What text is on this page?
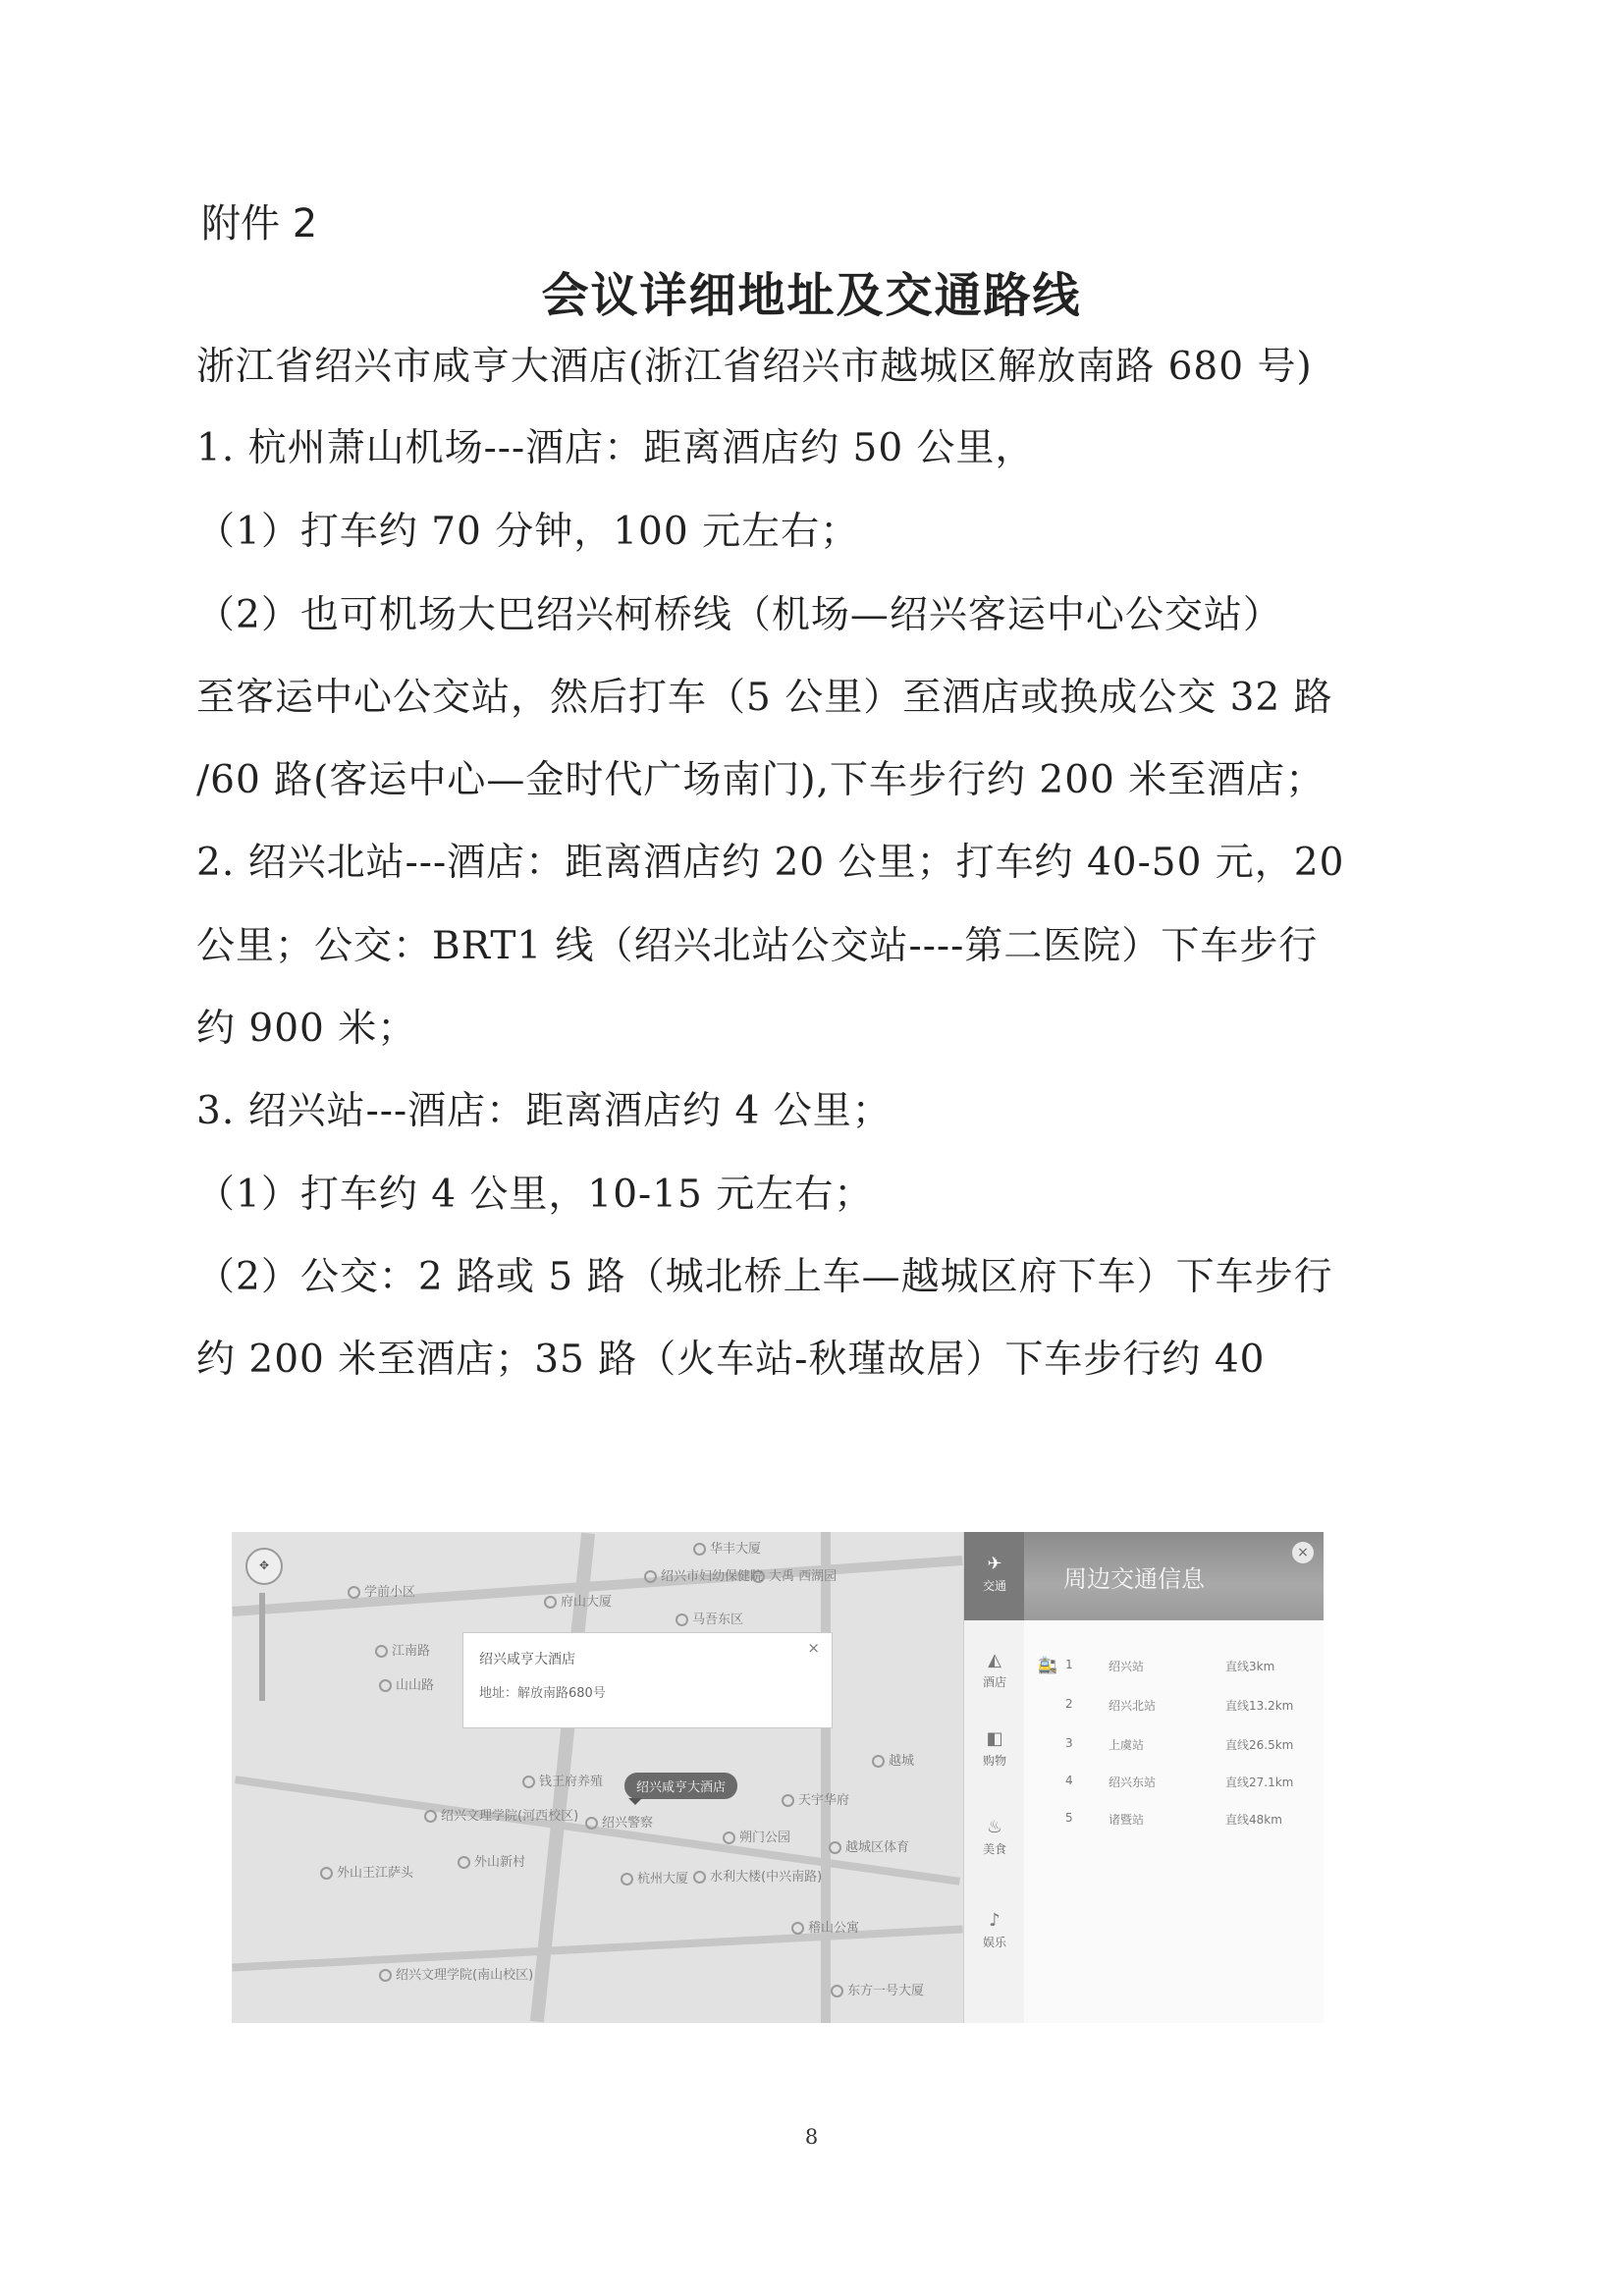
附件 2
会议详细地址及交通路线
浙江省绍兴市咸亨大酒店(浙江省绍兴市越城区解放南路 680 号)
1. 杭州萧山机场---酒店：距离酒店约 50 公里，
（1）打车约 70 分钟，100 元左右；
（2）也可机场大巴绍兴柯桥线（机场—绍兴客运中心公交站）
至客运中心公交站，然后打车（5 公里）至酒店或换成公交 32 路
/60 路(客运中心—金时代广场南门),下车步行约 200 米至酒店；
2. 绍兴北站---酒店：距离酒店约 20 公里；打车约 40-50 元，20
公里；公交：BRT1 线（绍兴北站公交站----第二医院）下车步行
约 900 米；
3. 绍兴站---酒店：距离酒店约 4 公里；
（1）打车约 4 公里，10-15 元左右；
（2）公交：2 路或 5 路（城北桥上车—越城区府下车）下车步行
约 200 米至酒店；35 路（火车站-秋瑾故居）下车步行约 40
华丰大厦
大禹 西湖园
马吾东区
府山大厦
绍兴市妇幼保健院
学前小区
江南路
山山路
钱王府养殖
绍兴文理学院(河西校区)
外山王江萨头
外山新村
绍兴警察
杭州大厦	水利大楼(中兴南路)
朔门公园
越城区体育
东方一号大厦
绍兴文理学院(南山校区)
天宇华府
稽山公寓
越城
✥
绍兴咸亨大酒店
地址：解放南路680号
×
绍兴咸亨大酒店
✈
交通
◭
酒店
◧
购物
♨
美食
♪
娱乐
周边交通信息
×
🚉 1	绍兴站	直线3km
2	绍兴北站	直线13.2km
3	上虞站	直线26.5km
4	绍兴东站	直线27.1km
5	诸暨站	直线48km
8
